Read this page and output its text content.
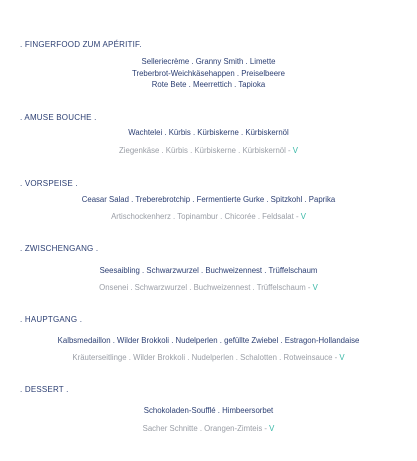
. FINGERFOOD ZUM APÉRITIF.
Selleriecrème . Granny Smith . Limette
Treberbrot-Weichkäsehappen . Preiselbeere
Rote Bete . Meerrettich . Tapioka
. AMUSE BOUCHE .
Wachtelei . Kürbis . Kürbiskerne . Kürbiskernöl
Ziegenkäse . Kürbis . Kürbiskerne . Kürbiskernöl - V
. VORSPEISE .
Ceasar Salad . Treberebrotchip . Fermentierte Gurke . Spitzkohl . Paprika
Artischockenherz . Topinambur . Chicorée . Feldsalat - V
. ZWISCHENGANG .
Seesaibling . Schwarzwurzel . Buchweizennest . Trüffelschaum
Onsenei . Schwarzwurzel . Buchweizennest . Trüffelschaum - V
. HAUPTGANG .
Kalbsmedaillon . Wilder Brokkoli . Nudelperlen . gefüllte Zwiebel . Estragon-Hollandaise
Kräuterseitlinge . Wilder Brokkoli . Nudelperlen . Schalotten . Rotweinsauce - V
. DESSERT .
Schokoladen-Soufflé . Himbeersorbet
Sacher Schnitte . Orangen-Zimteis - V
